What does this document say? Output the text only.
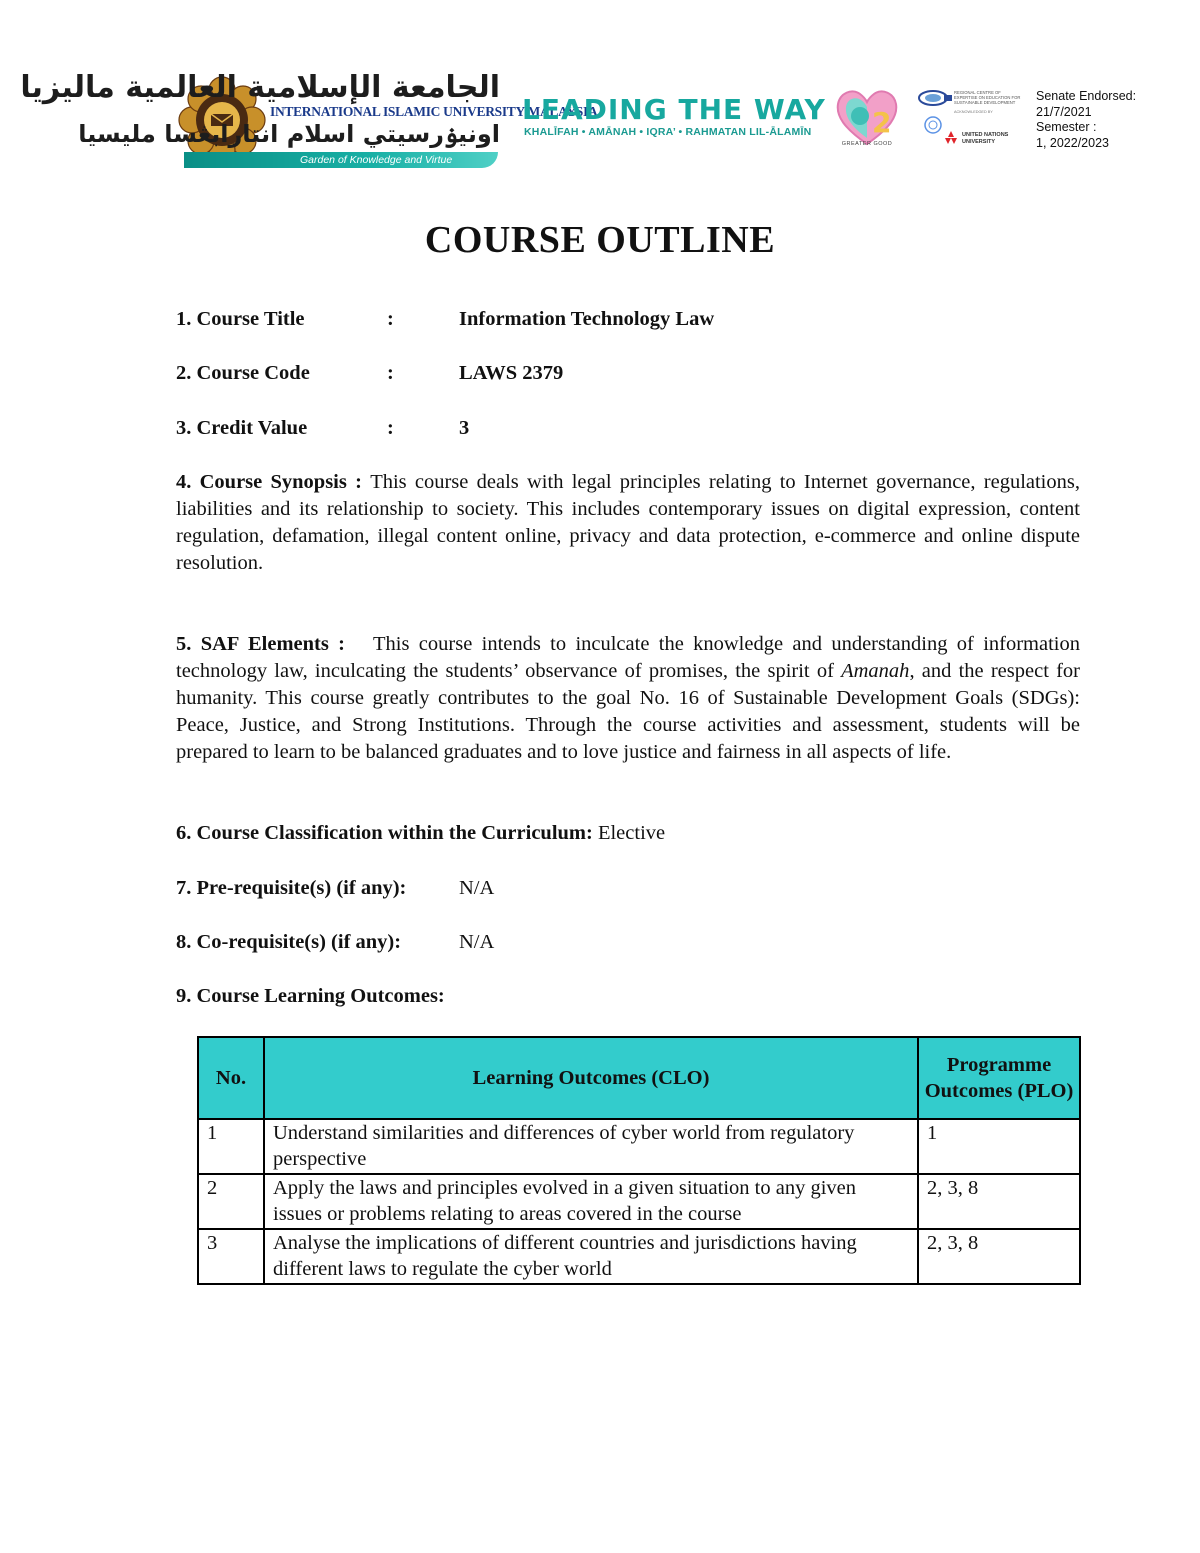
الجامعة الإسلامية العالمية ماليزيا
INTERNATIONAL ISLAMIC UNIVERSITY MALAYSIA
اونيۏرسيتي اسلام انتارابڠسا مليسيا
Garden of Knowledge and Virtue
LEADING THE WAY
KHALĪFAH • AMĀNAH • IQRA’ • RAHMATAN LIL-ĀLAMĪN 2
GREATER GOOD
REGIONAL CENTRE OF EXPERTISE ON EDUCATION FOR SUSTAINABLE DEVELOPMENT
ACKNOWLEDGED BY
UNITED NATIONS UNIVERSITY
Senate Endorsed:
21/7/2021
Semester :
1, 2022/2023
COURSE OUTLINE
1. Course Title	:	Information Technology Law
2. Course Code	:	LAWS 2379
3. Credit Value	:	3
4. Course Synopsis : This course deals with legal principles relating to Internet governance, regulations, liabilities and its relationship to society. This includes contemporary issues on digital expression, content regulation, defamation, illegal content online, privacy and data protection, e-commerce and online dispute resolution.
5. SAF Elements : This course intends to inculcate the knowledge and understanding of information technology law, inculcating the students’ observance of promises, the spirit of Amanah, and the respect for humanity. This course greatly contributes to the goal No. 16 of Sustainable Development Goals (SDGs): Peace, Justice, and Strong Institutions. Through the course activities and assessment, students will be prepared to learn to be balanced graduates and to love justice and fairness in all aspects of life.
6. Course Classification within the Curriculum: Elective
7. Pre-requisite(s) (if any):	N/A
8. Co-requisite(s) (if any):	N/A
9. Course Learning Outcomes:
No.	Learning Outcomes (CLO)	Programme Outcomes (PLO)
1	Understand similarities and differences of cyber world from regulatory perspective	1
2	Apply the laws and principles evolved in a given situation to any given issues or problems relating to areas covered in the course	2, 3, 8
3	Analyse the implications of different countries and jurisdictions having different laws to regulate the cyber world	2, 3, 8
